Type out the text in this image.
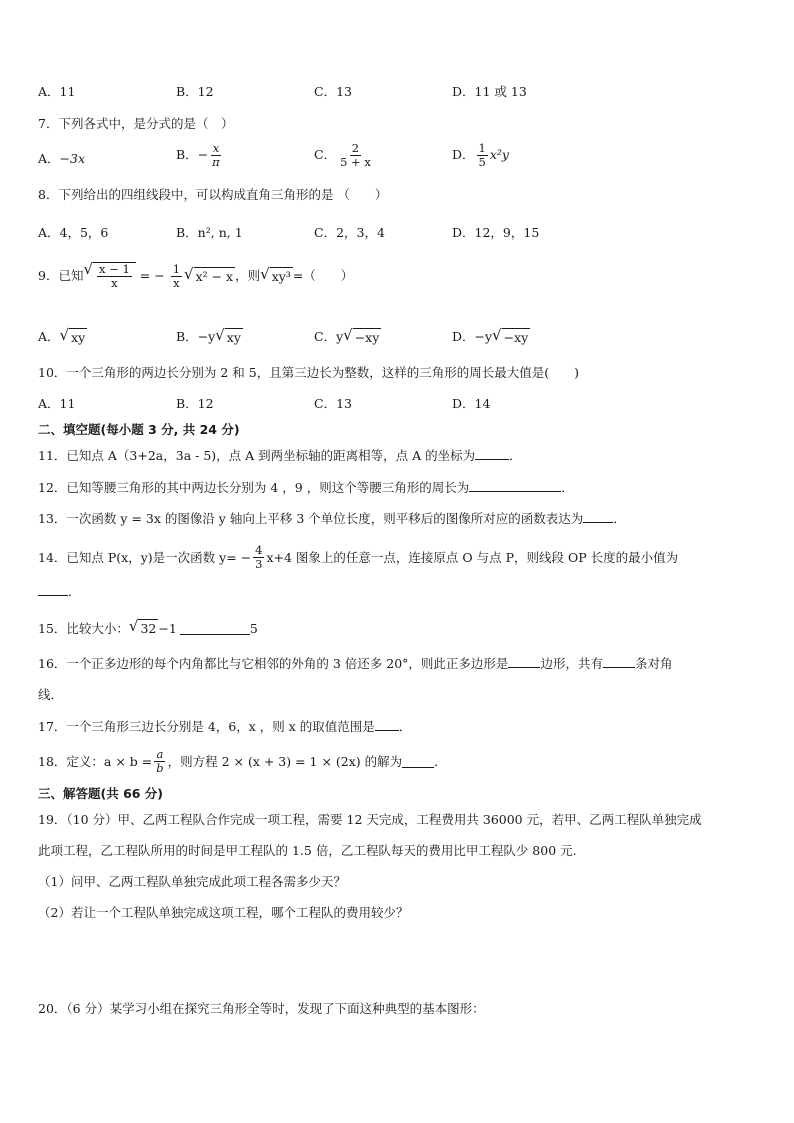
A．11	B．12	C．13	D．11 或 13
7．下列各式中，是分式的是（　）
A．−3x	B．− $\frac{x}{\pi}$	C． $\frac{2}{5 + x}$	D． $\frac{1}{5} x^2y$
8．下列给出的四组线段中，可以构成直角三角形的是 （　　）
A．4，5，6	B．n², n, 1	C．2，3，4	D．12，9，15
9．已知 √ $\frac{x - 1}{x}$ = − $\frac{1}{x}$ √ x² − x ，则 √ xy³ =（　　）
A． √ xy	B．−y √ xy	C．y √ −xy	D．−y √ −xy
10．一个三角形的两边长分别为 2 和 5，且第三边长为整数，这样的三角形的周长最大值是(　　)
A．11	B．12	C．13	D．14
二、填空题(每小题 3 分, 共 24 分)
11．已知点 A（3+2a，3a - 5)，点 A 到两坐标轴的距离相等，点 A 的坐标为	．
12．已知等腰三角形的其中两边长分别为 4 ，9 ，则这个等腰三角形的周长为	．
13．一次函数 y = 3x 的图像沿 y 轴向上平移 3 个单位长度，则平移后的图像所对应的函数表达为 ．
14．已知点 P(x，y)是一次函数 $y= - \frac{4}{3} x+4$ 图象上的任意一点，连接原点 O 与点 P，则线段 OP 长度的最小值为
．
15．比较大小： √ 32 −1	5
16．一个正多边形的每个内角都比与它相邻的外角的 3 倍还多 20°，则此正多边形是	边形，共有	条对角
线．
17．一个三角形三边长分别是 4，6，x ，则 x 的取值范围是 ．
18．定义：$a \times b = \frac{a}{b}$ ，则方程 2 × (x + 3) = 1 × (2x) 的解为	．
三、解答题(共 66 分)
19．（10 分）甲、乙两工程队合作完成一项工程，需要 12 天完成，工程费用共 36000 元，若甲、乙两工程队单独完成
此项工程，乙工程队所用的时间是甲工程队的 1.5 倍，乙工程队每天的费用比甲工程队少 800 元.
（1）问甲、乙两工程队单独完成此项工程各需多少天？
（2）若让一个工程队单独完成这项工程，哪个工程队的费用较少？
20．（6 分）某学习小组在探究三角形全等时，发现了下面这种典型的基本图形：
